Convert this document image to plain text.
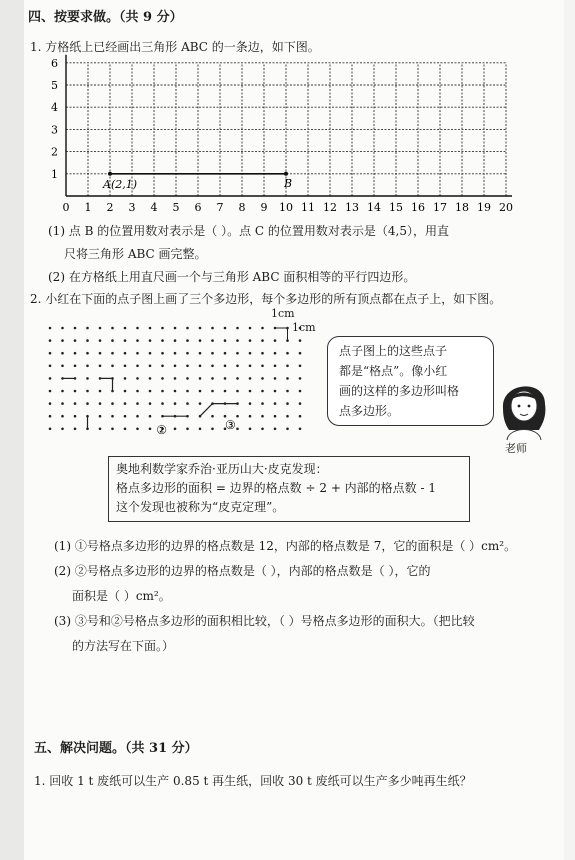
四、按要求做。（共 9 分）
1. 方格纸上已经画出三角形 ABC 的一条边，如下图。
0 1 2 3 4 5 6 7 8 9 10 11 12 13 14 15 16 17 18 19 20
1
2
3
4
5
6
A(2,1)	B
(1) 点 B 的位置用数对表示是（ ）。点 C 的位置用数对表示是（4,5），用直
尺将三角形 ABC 画完整。
(2) 在方格纸上用直尺画一个与三角形 ABC 面积相等的平行四边形。
2. 小红在下面的点子图上画了三个多边形，每个多边形的所有顶点都在点子上，如下图。
②	③
1cm
1cm
点子图上的这些点子
都是“格点”。像小红
画的这样的多边形叫格
点多边形。
老师
奥地利数学家乔治·亚历山大·皮克发现：
格点多边形的面积 = 边界的格点数 ÷ 2 + 内部的格点数 - 1
这个发现也被称为“皮克定理”。
(1) ①号格点多边形的边界的格点数是 12，内部的格点数是 7，它的面积是（ ）cm²。
(2) ②号格点多边形的边界的格点数是（ ），内部的格点数是（ ），它的
面积是（ ）cm²。
(3) ③号和②号格点多边形的面积相比较，（ ）号格点多边形的面积大。（把比较
的方法写在下面。）
五、解决问题。（共 31 分）
1. 回收 1 t 废纸可以生产 0.85 t 再生纸，回收 30 t 废纸可以生产多少吨再生纸？
